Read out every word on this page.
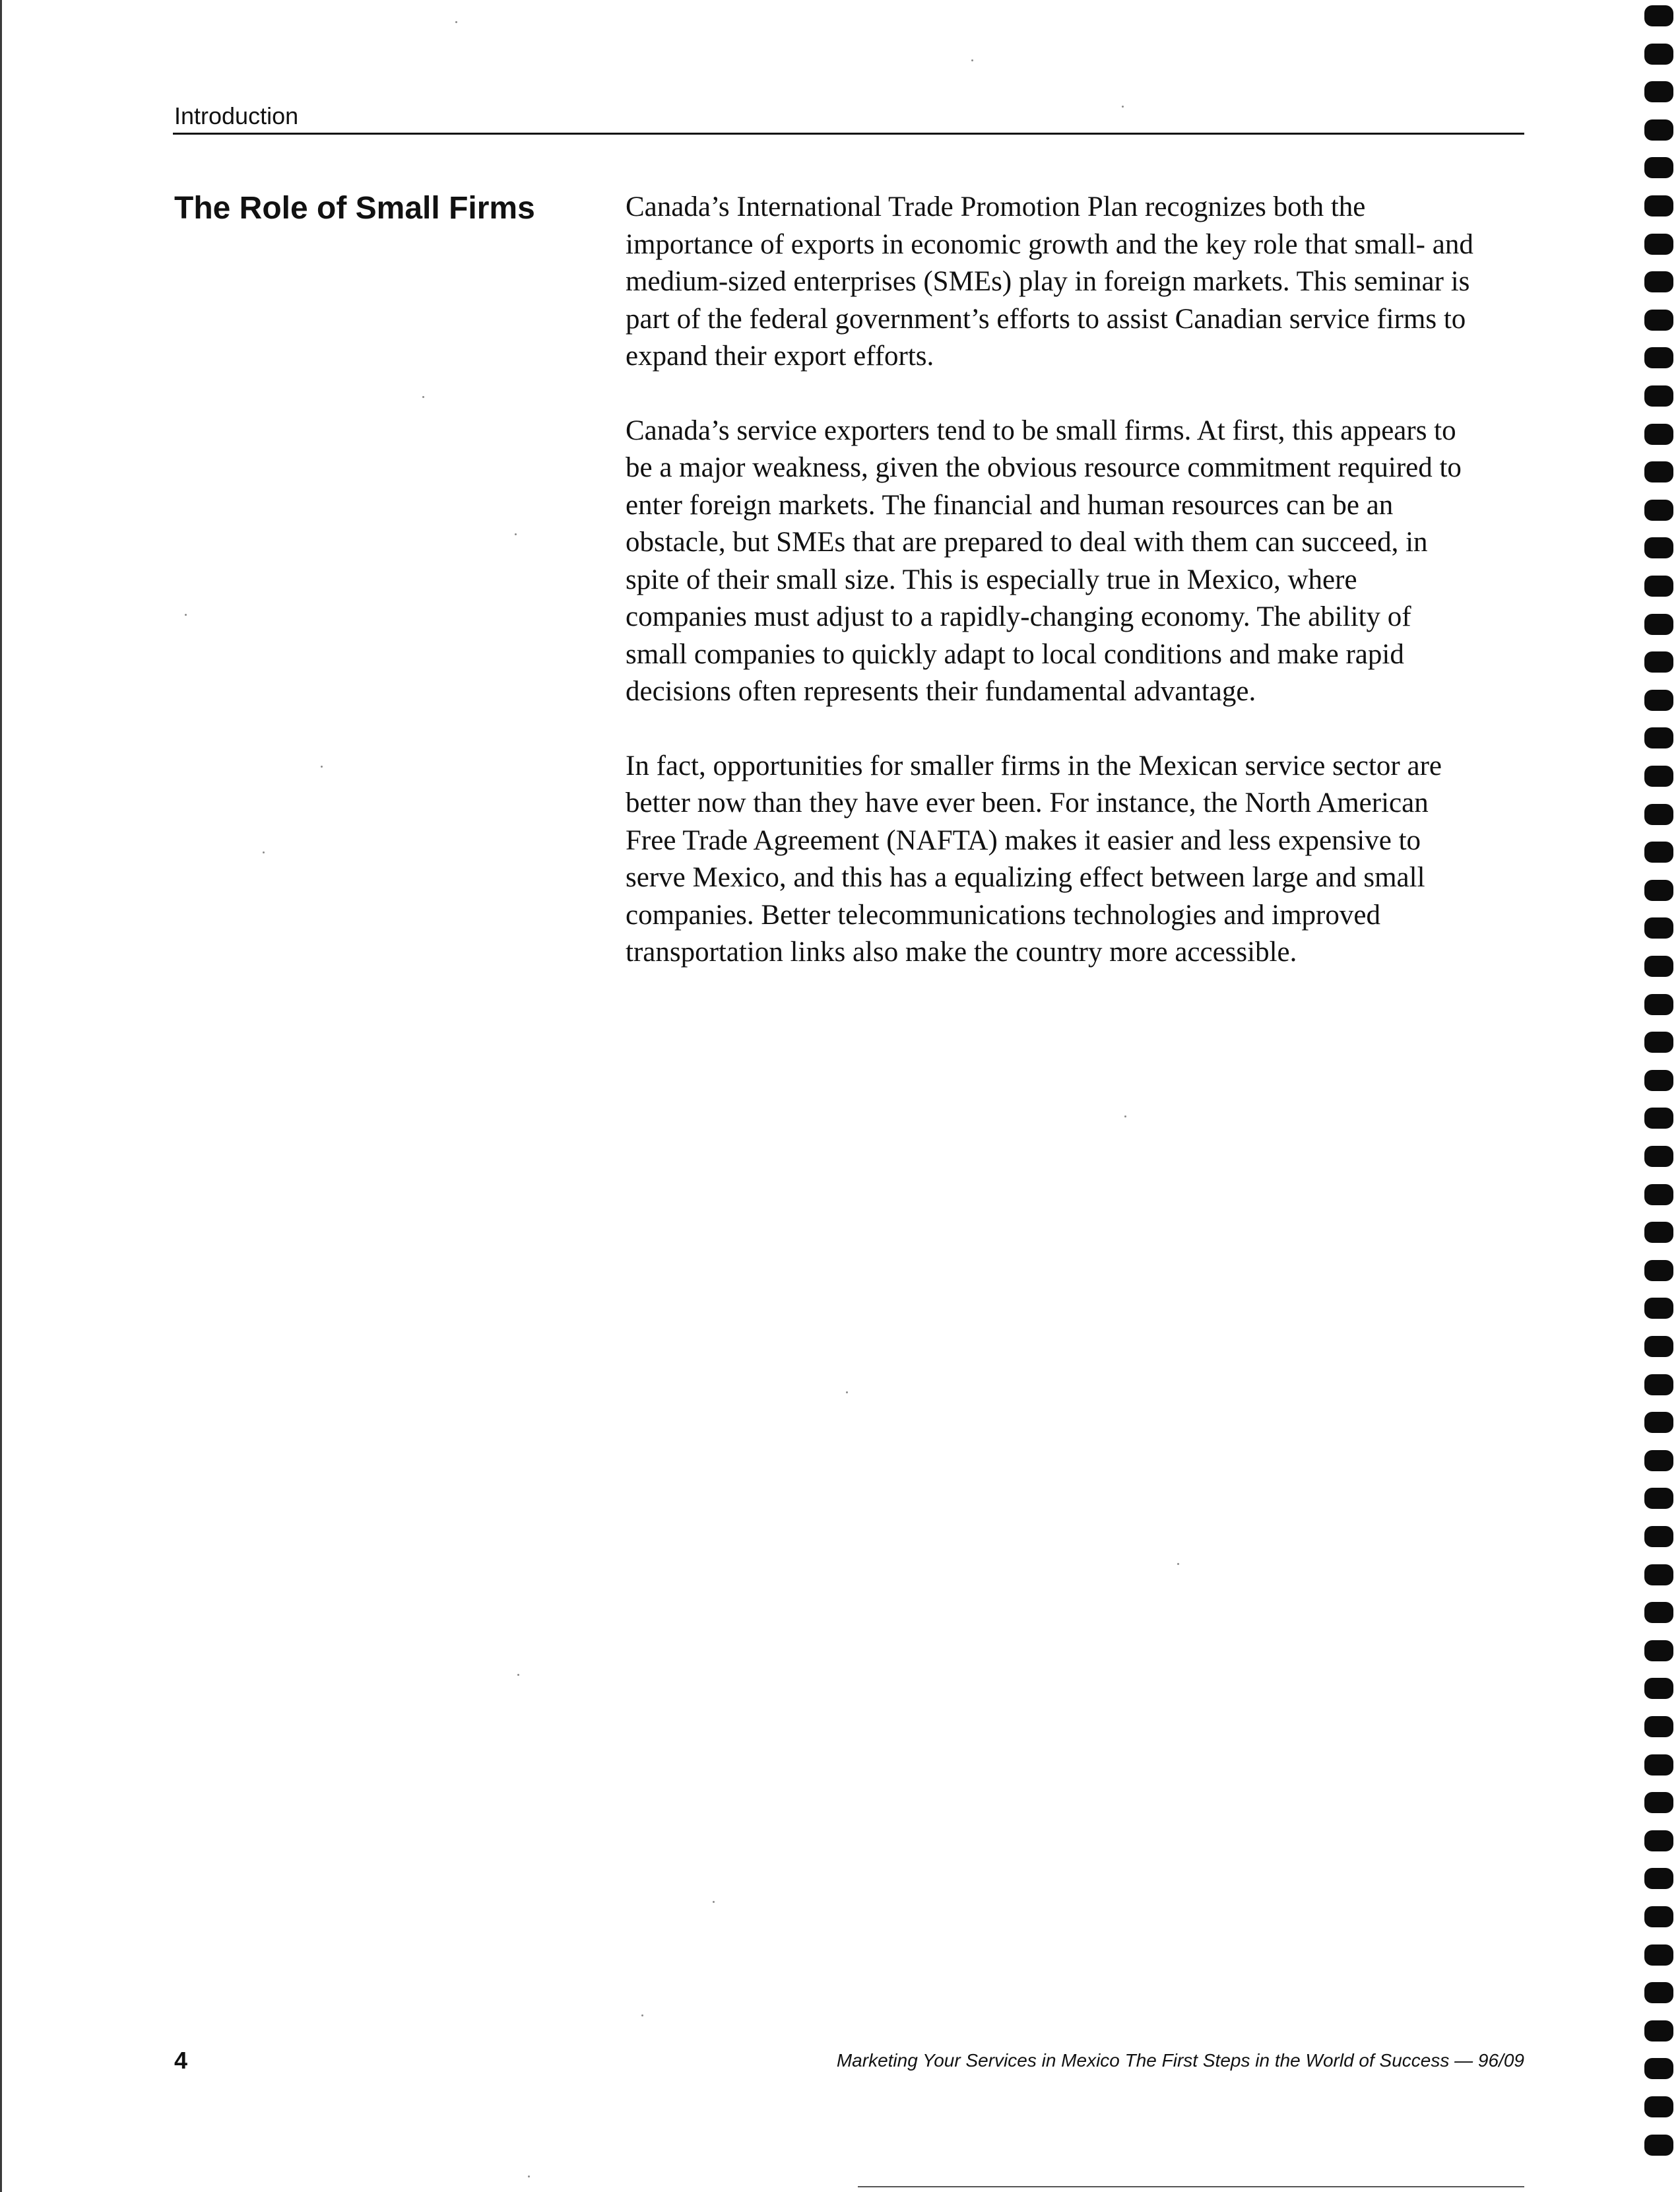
Introduction
The Role of Small Firms	Canada’s International Trade Promotion Plan recognizes both the
importance of exports in economic growth and the key role that small- and
medium-sized enterprises (SMEs) play in foreign markets. This seminar is
part of the federal government’s efforts to assist Canadian service firms to
expand their export efforts.

Canada’s service exporters tend to be small firms. At first, this appears to
be a major weakness, given the obvious resource commitment required to
enter foreign markets. The financial and human resources can be an
obstacle, but SMEs that are prepared to deal with them can succeed, in
spite of their small size. This is especially true in Mexico, where
companies must adjust to a rapidly-changing economy. The ability of
small companies to quickly adapt to local conditions and make rapid
decisions often represents their fundamental advantage.

In fact, opportunities for smaller firms in the Mexican service sector are
better now than they have ever been. For instance, the North American
Free Trade Agreement (NAFTA) makes it easier and less expensive to
serve Mexico, and this has a equalizing effect between large and small
companies. Better telecommunications technologies and improved
transportation links also make the country more accessible.

4	Marketing Your Services in Mexico The First Steps in the World of Success — 96/09
